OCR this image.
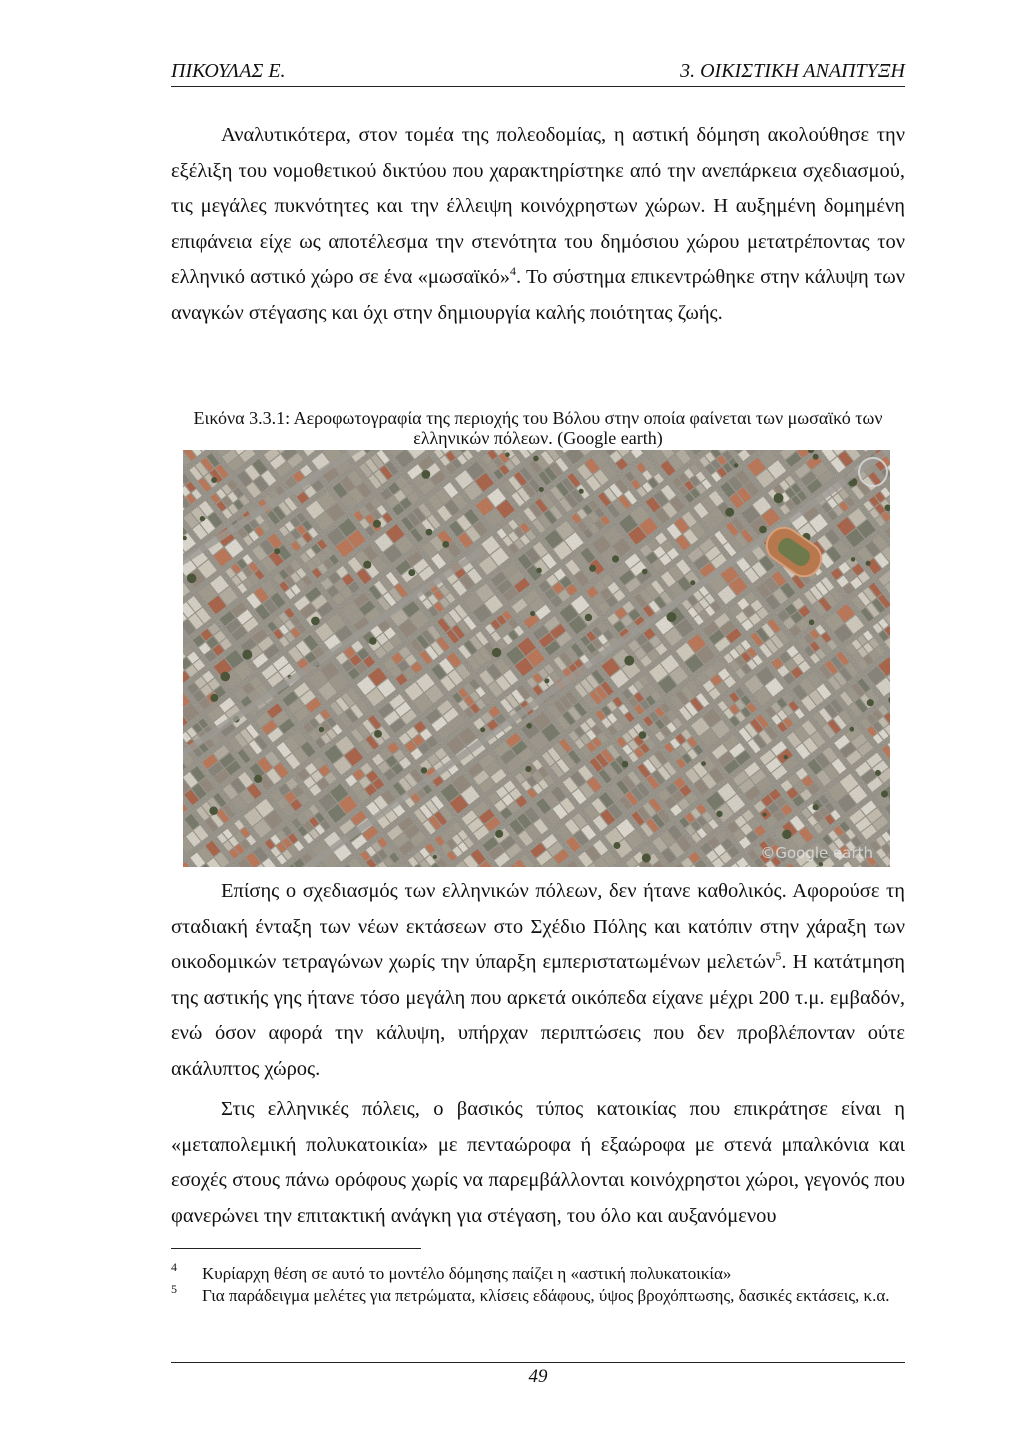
ΠΙΚΟΥΛΑΣ Ε.	3. ΟΙΚΙΣΤΙΚΗ ΑΝΑΠΤΥΞΗ

Αναλυτικότερα, στον τομέα της πολεοδομίας, η αστική δόμηση ακολούθησε την εξέλιξη του νομοθετικού δικτύου που χαρακτηρίστηκε από την ανεπάρκεια σχεδιασμού, τις μεγάλες πυκνότητες και την έλλειψη κοινόχρηστων χώρων. Η αυξημένη δομημένη επιφάνεια είχε ως αποτέλεσμα την στενότητα του δημόσιου χώρου μετατρέποντας τον ελληνικό αστικό χώρο σε ένα «μωσαϊκό»$^4$. Το σύστημα επικεντρώθηκε στην κάλυψη των αναγκών στέγασης και όχι στην δημιουργία καλής ποιότητας ζωής.

Εικόνα 3.3.1: Αεροφωτογραφία της περιοχής του Βόλου στην οποία φαίνεται των μωσαϊκό των ελληνικών πόλεων. (Google earth)
©Google earth

Επίσης ο σχεδιασμός των ελληνικών πόλεων, δεν ήτανε καθολικός. Αφορούσε τη σταδιακή ένταξη των νέων εκτάσεων στο Σχέδιο Πόλης και κατόπιν στην χάραξη των οικοδομικών τετραγώνων χωρίς την ύπαρξη εμπεριστατωμένων μελετών$^5$. Η κατάτμηση της αστικής γης ήτανε τόσο μεγάλη που αρκετά οικόπεδα είχανε μέχρι 200 τ.μ. εμβαδόν, ενώ όσον αφορά την κάλυψη, υπήρχαν περιπτώσεις που δεν προβλέπονταν ούτε ακάλυπτος χώρος.

Στις ελληνικές πόλεις, ο βασικός τύπος κατοικίας που επικράτησε είναι η «μεταπολεμική πολυκατοικία» με πενταώροφα ή εξαώροφα με στενά μπαλκόνια και εσοχές στους πάνω ορόφους χωρίς να παρεμβάλλονται κοινόχρηστοι χώροι, γεγονός που φανερώνει την επιτακτική ανάγκη για στέγαση, του όλο και αυξανόμενου

4 Κυρίαρχη θέση σε αυτό το μοντέλο δόμησης παίζει η «αστική πολυκατοικία»
5 Για παράδειγμα μελέτες για πετρώματα, κλίσεις εδάφους, ύψος βροχόπτωσης, δασικές εκτάσεις, κ.α.
49
